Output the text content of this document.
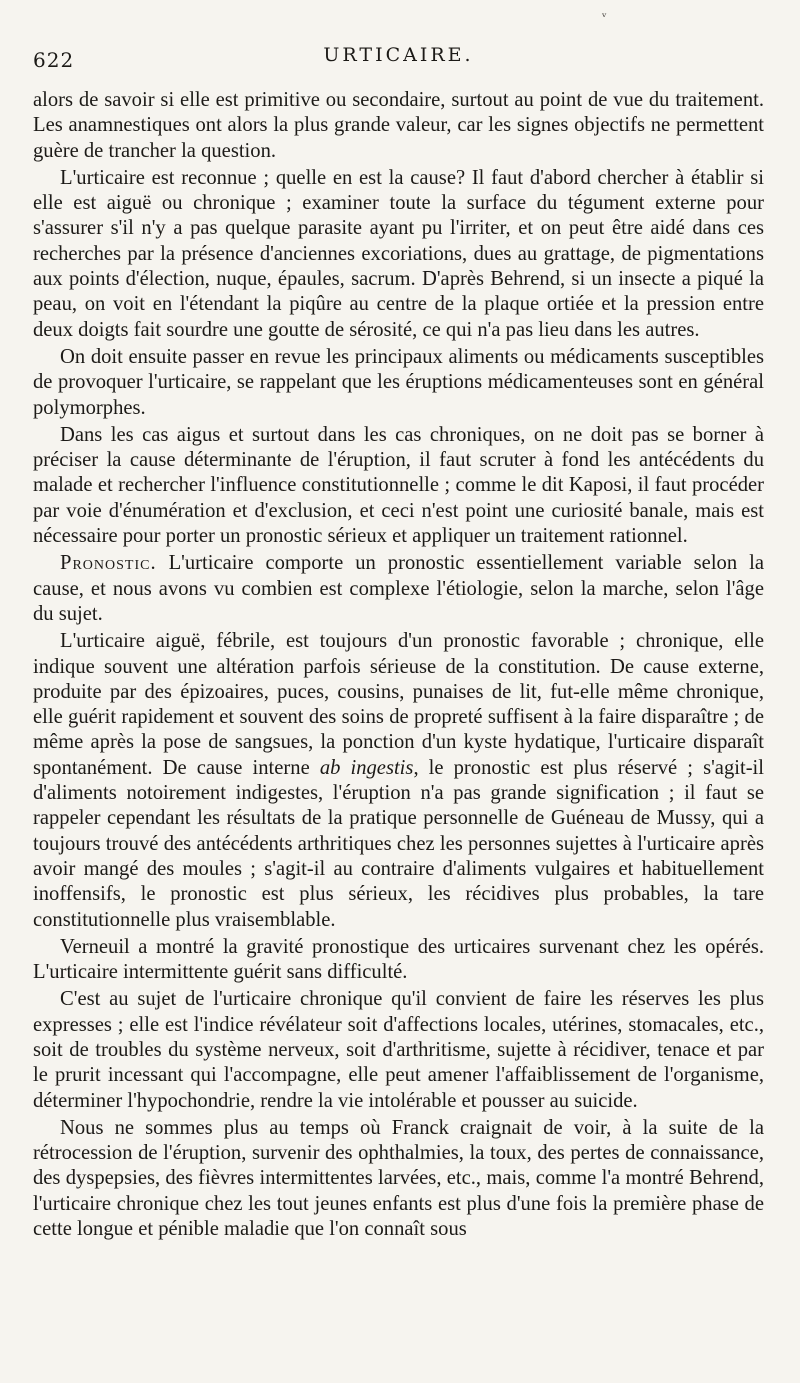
ᵥ
622	URTICAIRE.

alors de savoir si elle est primitive ou secondaire, surtout au point de vue du traitement. Les anamnestiques ont alors la plus grande valeur, car les signes objectifs ne permettent guère de trancher la question.

L'urticaire est reconnue ; quelle en est la cause? Il faut d'abord chercher à établir si elle est aiguë ou chronique ; examiner toute la surface du tégument externe pour s'assurer s'il n'y a pas quelque parasite ayant pu l'irriter, et on peut être aidé dans ces recherches par la présence d'anciennes excoriations, dues au grattage, de pigmentations aux points d'élection, nuque, épaules, sacrum. D'après Behrend, si un insecte a piqué la peau, on voit en l'étendant la piqûre au centre de la plaque ortiée et la pression entre deux doigts fait sourdre une goutte de sérosité, ce qui n'a pas lieu dans les autres.

On doit ensuite passer en revue les principaux aliments ou médicaments susceptibles de provoquer l'urticaire, se rappelant que les éruptions médicamenteuses sont en général polymorphes.

Dans les cas aigus et surtout dans les cas chroniques, on ne doit pas se borner à préciser la cause déterminante de l'éruption, il faut scruter à fond les antécédents du malade et rechercher l'influence constitutionnelle ; comme le dit Kaposi, il faut procéder par voie d'énumération et d'exclusion, et ceci n'est point une curiosité banale, mais est nécessaire pour porter un pronostic sérieux et appliquer un traitement rationnel.

Pronostic. L'urticaire comporte un pronostic essentiellement variable selon la cause, et nous avons vu combien est complexe l'étiologie, selon la marche, selon l'âge du sujet.

L'urticaire aiguë, fébrile, est toujours d'un pronostic favorable ; chronique, elle indique souvent une altération parfois sérieuse de la constitution. De cause externe, produite par des épizoaires, puces, cousins, punaises de lit, fut-elle même chronique, elle guérit rapidement et souvent des soins de propreté suffisent à la faire disparaître ; de même après la pose de sangsues, la ponction d'un kyste hydatique, l'urticaire disparaît spontanément. De cause interne ab ingestis, le pronostic est plus réservé ; s'agit-il d'aliments notoirement indigestes, l'éruption n'a pas grande signification ; il faut se rappeler cependant les résultats de la pratique personnelle de Guéneau de Mussy, qui a toujours trouvé des antécédents arthritiques chez les personnes sujettes à l'urticaire après avoir mangé des moules ; s'agit-il au contraire d'aliments vulgaires et habituellement inoffensifs, le pronostic est plus sérieux, les récidives plus probables, la tare constitutionnelle plus vraisemblable.

Verneuil a montré la gravité pronostique des urticaires survenant chez les opérés. L'urticaire intermittente guérit sans difficulté.

C'est au sujet de l'urticaire chronique qu'il convient de faire les réserves les plus expresses ; elle est l'indice révélateur soit d'affections locales, utérines, stomacales, etc., soit de troubles du système nerveux, soit d'arthritisme, sujette à récidiver, tenace et par le prurit incessant qui l'accompagne, elle peut amener l'affaiblissement de l'organisme, déterminer l'hypochondrie, rendre la vie intolérable et pousser au suicide.

Nous ne sommes plus au temps où Franck craignait de voir, à la suite de la rétrocession de l'éruption, survenir des ophthalmies, la toux, des pertes de connaissance, des dyspepsies, des fièvres intermittentes larvées, etc., mais, comme l'a montré Behrend, l'urticaire chronique chez les tout jeunes enfants est plus d'une fois la première phase de cette longue et pénible maladie que l'on connaît sous
